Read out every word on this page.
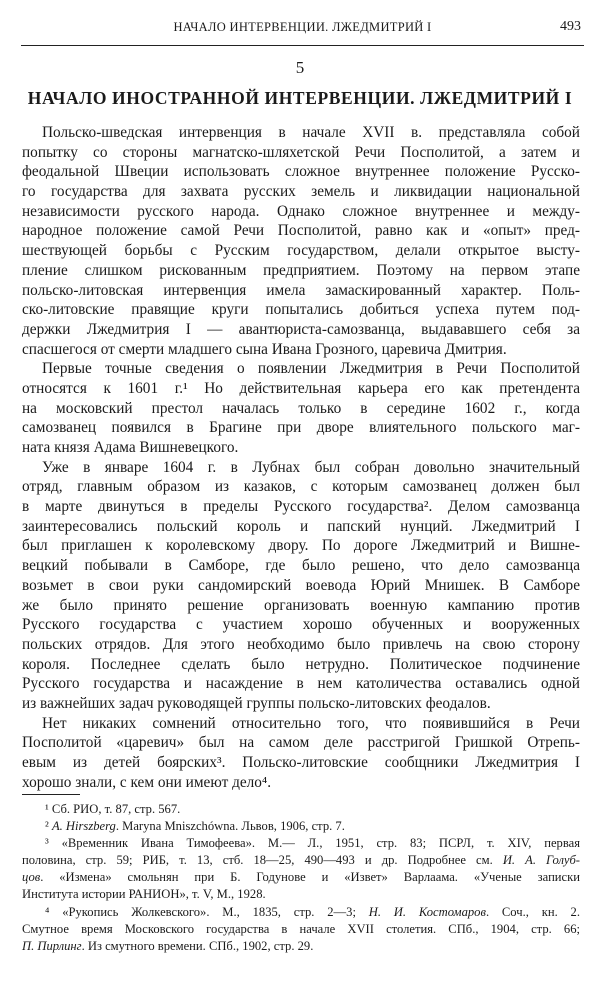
НАЧАЛО ИНТЕРВЕНЦИИ. ЛЖЕДМИТРИЙ I	493
5
НАЧАЛО ИНОСТРАННОЙ ИНТЕРВЕНЦИИ. ЛЖЕДМИТРИЙ I
Польско-шведская интервенция в начале XVII в. представляла собой
попытку со стороны магнатско-шляхетской Речи Посполитой, а затем и
феодальной Швеции использовать сложное внутреннее положение Русско-
го государства для захвата русских земель и ликвидации национальной
независимости русского народа. Однако сложное внутреннее и между-
народное положение самой Речи Посполитой, равно как и «опыт» пред-
шествующей борьбы с Русским государством, делали открытое высту-
пление слишком рискованным предприятием. Поэтому на первом этапе
польско-литовская интервенция имела замаскированный характер. Поль-
ско-литовские правящие круги попытались добиться успеха путем под-
держки Лжедмитрия I — авантюриста-самозванца, выдававшего себя за
спасшегося от смерти младшего сына Ивана Грозного, царевича Дмитрия.
Первые точные сведения о появлении Лжедмитрия в Речи Посполитой
относятся к 1601 г.¹ Но действительная карьера его как претендента
на московский престол началась только в середине 1602 г., когда
самозванец появился в Брагине при дворе влиятельного польского маг-
ната князя Адама Вишневецкого.
Уже в январе 1604 г. в Лубнах был собран довольно значительный
отряд, главным образом из казаков, с которым самозванец должен был
в марте двинуться в пределы Русского государства². Делом самозванца
заинтересовались польский король и папский нунций. Лжедмитрий I
был приглашен к королевскому двору. По дороге Лжедмитрий и Вишне-
вецкий побывали в Самборе, где было решено, что дело самозванца
возьмет в свои руки сандомирский воевода Юрий Мнишек. В Самборе
же было принято решение организовать военную кампанию против
Русского государства с участием хорошо обученных и вооруженных
польских отрядов. Для этого необходимо было привлечь на свою сторону
короля. Последнее сделать было нетрудно. Политическое подчинение
Русского государства и насаждение в нем католичества оставались одной
из важнейших задач руководящей группы польско-литовских феодалов.
Нет никаких сомнений относительно того, что появившийся в Речи
Посполитой «царевич» был на самом деле расстригой Гришкой Отрепь-
евым из детей боярских³. Польско-литовские сообщники Лжедмитрия I
хорошо знали, с кем они имеют дело⁴.
¹ Сб. РИО, т. 87, стр. 567.
² A. Hirszberg. Maryna Mniszchówna. Львов, 1906, стр. 7.
³ «Временник Ивана Тимофеева». М.— Л., 1951, стр. 83; ПСРЛ, т. XIV, первая
половина, стр. 59; РИБ, т. 13, стб. 18—25, 490—493 и др. Подробнее см. И. А. Голуб-
цов. «Измена» смольнян при Б. Годунове и «Извет» Варлаама. «Ученые записки
Института истории РАНИОН», т. V, М., 1928.
⁴ «Рукопись Жолкевского». М., 1835, стр. 2—3; Н. И. Костомаров. Соч., кн. 2.
Смутное время Московского государства в начале XVII столетия. СПб., 1904, стр. 66;
П. Пирлинг. Из смутного времени. СПб., 1902, стр. 29.
